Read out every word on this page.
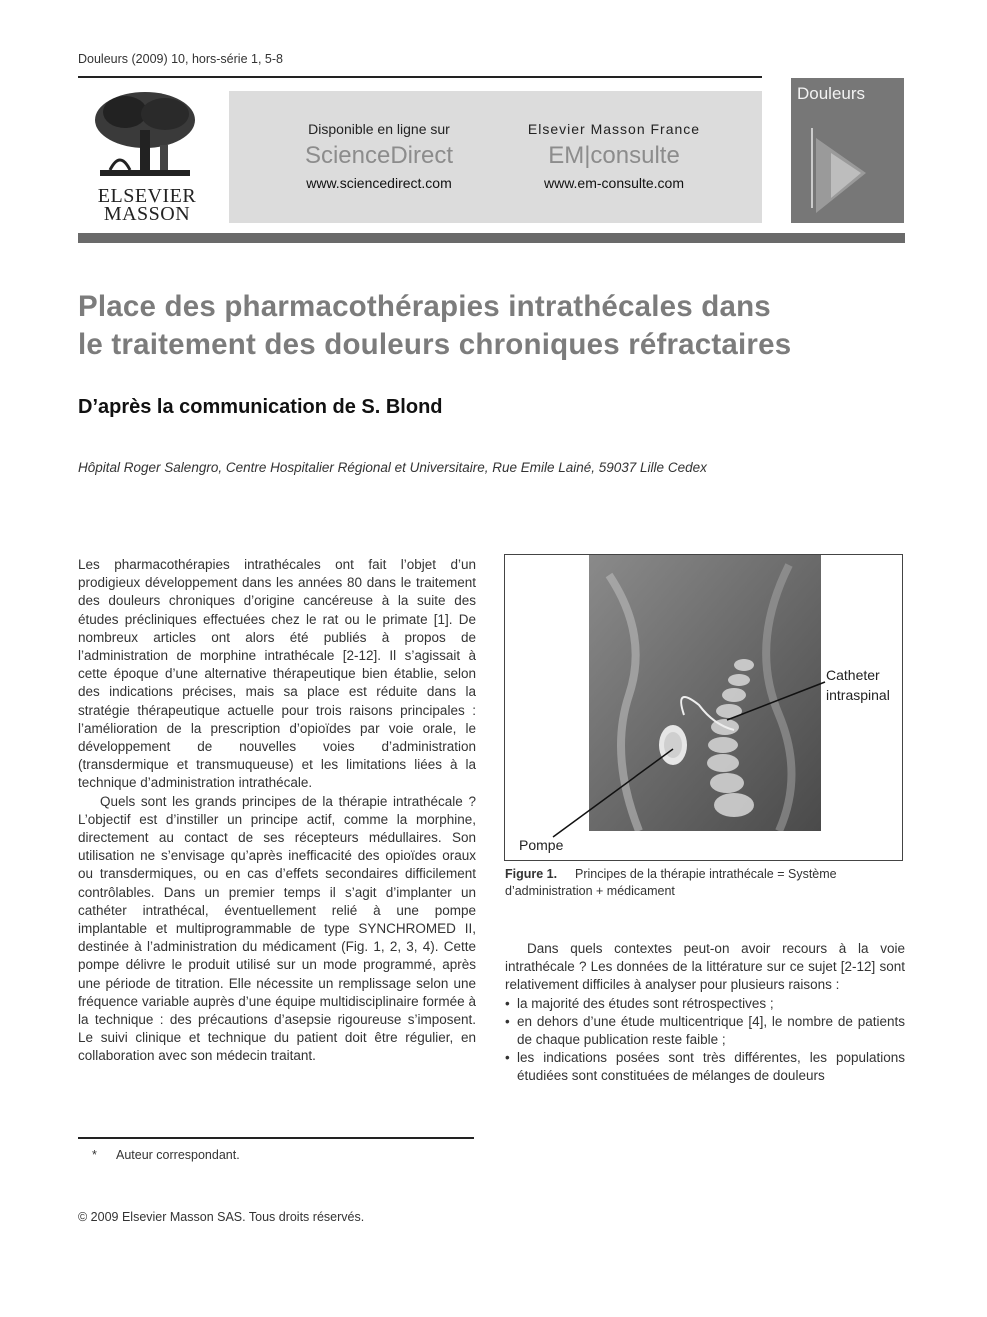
Douleurs (2009) 10, hors-série 1, 5-8
ELSEVIER
MASSON
Disponible en ligne sur
ScienceDirect
www.sciencedirect.com
Elsevier Masson France
EM|consulte
www.em-consulte.com
Douleurs
Place des pharmacothérapies intrathécales dans
le traitement des douleurs chroniques réfractaires
D’après la communication de S. Blond
Hôpital Roger Salengro, Centre Hospitalier Régional et Universitaire, Rue Emile Lainé, 59037 Lille Cedex

Les pharmacothérapies intrathécales ont fait l’objet d’un prodigieux développement dans les années 80 dans le traitement des douleurs chroniques d’origine cancéreuse à la suite des études précliniques effectuées chez le rat ou le primate [1]. De nombreux articles ont alors été publiés à propos de l’administration de morphine intrathécale [2-12]. Il s’agissait à cette époque d’une alternative thérapeutique bien établie, selon des indications précises, mais sa place est réduite dans la stratégie thérapeutique actuelle pour trois raisons principales : l’amélioration de la prescription d’opioïdes par voie orale, le développement de nouvelles voies d’administration (transdermique et transmuqueuse) et les limitations liées à la technique d’administration intrathécale.

Quels sont les grands principes de la thérapie intrathécale ? L’objectif est d’instiller un principe actif, comme la morphine, directement au contact de ses récepteurs médullaires. Son utilisation ne s’envisage qu’après inefficacité des opioïdes oraux ou transdermiques, ou en cas d’effets secondaires difficilement contrôlables. Dans un premier temps il s’agit d’implanter un cathéter intrathécal, éventuellement relié à une pompe implantable et multiprogrammable de type SYNCHROMED II, destinée à l’administration du médicament (Fig. 1, 2, 3, 4). Cette pompe délivre le produit utilisé sur un mode programmé, après une période de titration. Elle nécessite un remplissage selon une fréquence variable auprès d’une équipe multidisciplinaire formée à la technique : des précautions d’asepsie rigoureuse s’imposent. Le suivi clinique et technique du patient doit être régulier, en collaboration avec son médecin traitant.

Catheter
intraspinal
Pompe
Figure 1. Principes de la thérapie intrathécale = Système d’administration + médicament

Dans quels contextes peut-on avoir recours à la voie intrathécale ? Les données de la littérature sur ce sujet [2-12] sont relativement difficiles à analyser pour plusieurs raisons :

• la majorité des études sont rétrospectives ;
• en dehors d’une étude multicentrique [4], le nombre de patients de chaque publication reste faible ;
• les indications posées sont très différentes, les populations étudiées sont constituées de mélanges de douleurs
* Auteur correspondant.
© 2009 Elsevier Masson SAS. Tous droits réservés.
